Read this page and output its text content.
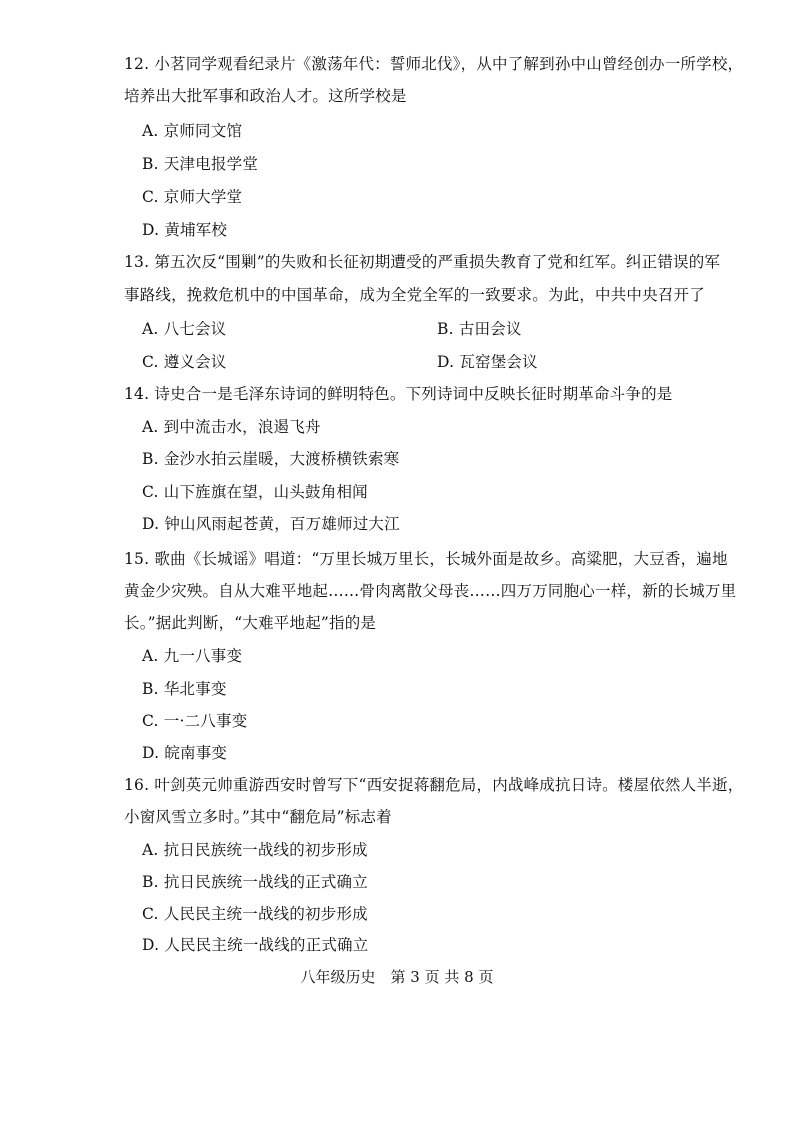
12. 小茗同学观看纪录片《激荡年代：誓师北伐》，从中了解到孙中山曾经创办一所学校，
培养出大批军事和政治人才。这所学校是
A. 京师同文馆
B. 天津电报学堂
C. 京师大学堂
D. 黄埔军校
13. 第五次反“围剿”的失败和长征初期遭受的严重损失教育了党和红军。纠正错误的军
事路线，挽救危机中的中国革命，成为全党全军的一致要求。为此，中共中央召开了
A. 八七会议	B. 古田会议
C. 遵义会议	D. 瓦窑堡会议
14. 诗史合一是毛泽东诗词的鲜明特色。下列诗词中反映长征时期革命斗争的是
A. 到中流击水，浪遏飞舟
B. 金沙水拍云崖暖，大渡桥横铁索寒
C. 山下旌旗在望，山头鼓角相闻
D. 钟山风雨起苍黄，百万雄师过大江
15. 歌曲《长城谣》唱道：“万里长城万里长，长城外面是故乡。高粱肥，大豆香，遍地
黄金少灾殃。自从大难平地起……骨肉离散父母丧……四万万同胞心一样，新的长城万里
长。”据此判断，“大难平地起”指的是
A. 九一八事变
B. 华北事变
C. 一·二八事变
D. 皖南事变
16. 叶剑英元帅重游西安时曾写下“西安捉蒋翻危局，内战峰成抗日诗。楼屋依然人半逝，
小窗风雪立多时。”其中“翻危局”标志着
A. 抗日民族统一战线的初步形成
B. 抗日民族统一战线的正式确立
C. 人民民主统一战线的初步形成
D. 人民民主统一战线的正式确立
八年级历史　第 3 页 共 8 页
